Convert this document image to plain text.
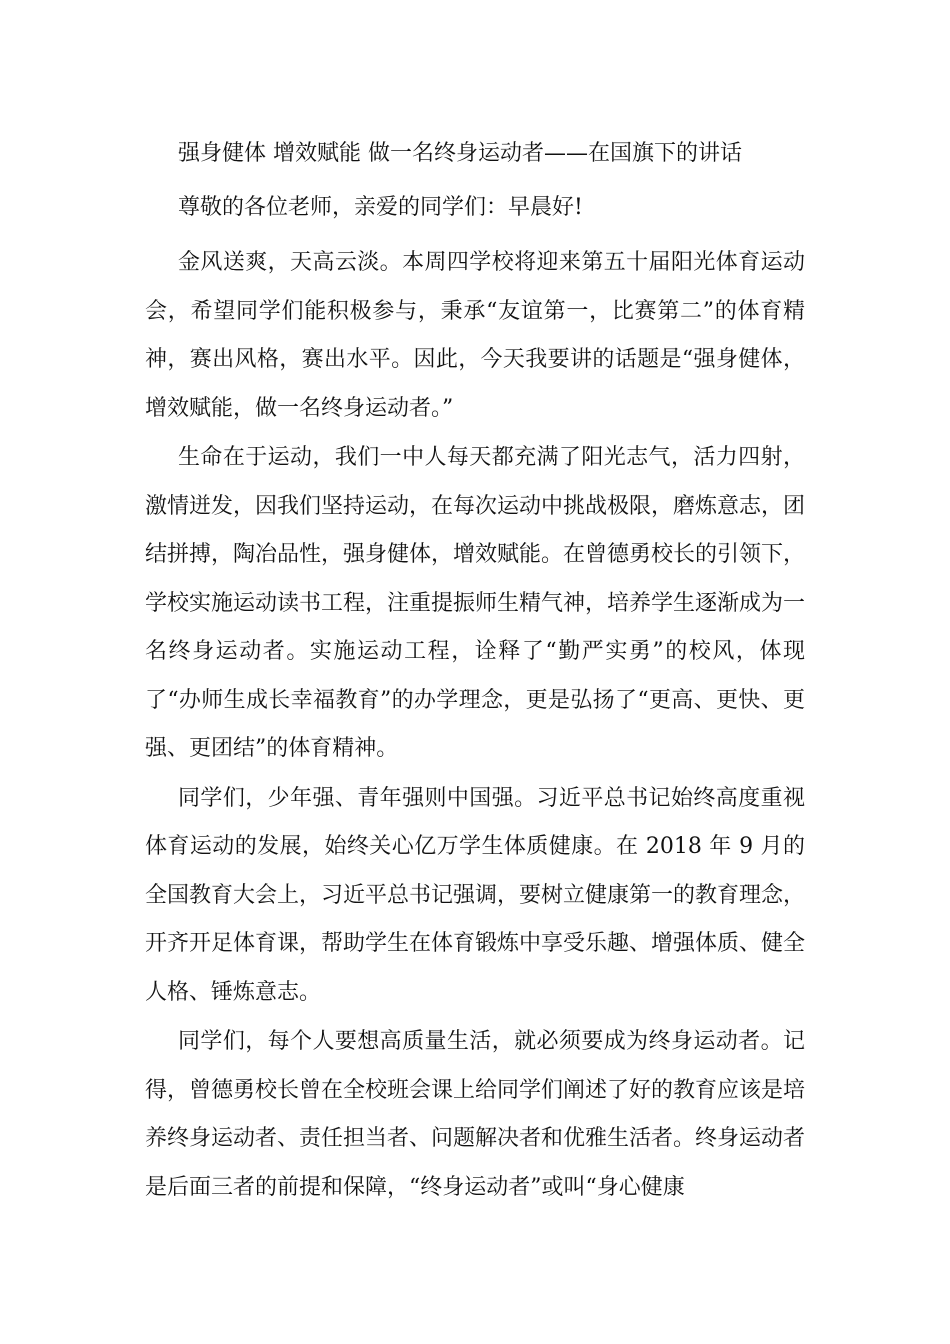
强身健体 增效赋能 做一名终身运动者——在国旗下的讲话
尊敬的各位老师，亲爱的同学们：早晨好!

金风送爽，天高云淡。本周四学校将迎来第五十届阳光体育运动会，希望同学们能积极参与，秉承“友谊第一，比赛第二”的体育精神，赛出风格，赛出水平。因此，今天我要讲的话题是“强身健体，增效赋能，做一名终身运动者。”

生命在于运动，我们一中人每天都充满了阳光志气，活力四射，激情迸发，因我们坚持运动，在每次运动中挑战极限，磨炼意志，团结拼搏，陶冶品性，强身健体，增效赋能。在曾德勇校长的引领下，学校实施运动读书工程，注重提振师生精气神，培养学生逐渐成为一名终身运动者。实施运动工程，诠释了“勤严实勇”的校风，体现了“办师生成长幸福教育”的办学理念，更是弘扬了“更高、更快、更强、更团结”的体育精神。

同学们，少年强、青年强则中国强。习近平总书记始终高度重视体育运动的发展，始终关心亿万学生体质健康。在 2018 年 9 月的全国教育大会上，习近平总书记强调，要树立健康第一的教育理念，开齐开足体育课，帮助学生在体育锻炼中享受乐趣、增强体质、健全人格、锤炼意志。

同学们，每个人要想高质量生活，就必须要成为终身运动者。记得，曾德勇校长曾在全校班会课上给同学们阐述了好的教育应该是培养终身运动者、责任担当者、问题解决者和优雅生活者。终身运动者是后面三者的前提和保障，“终身运动者”或叫“身心健康
